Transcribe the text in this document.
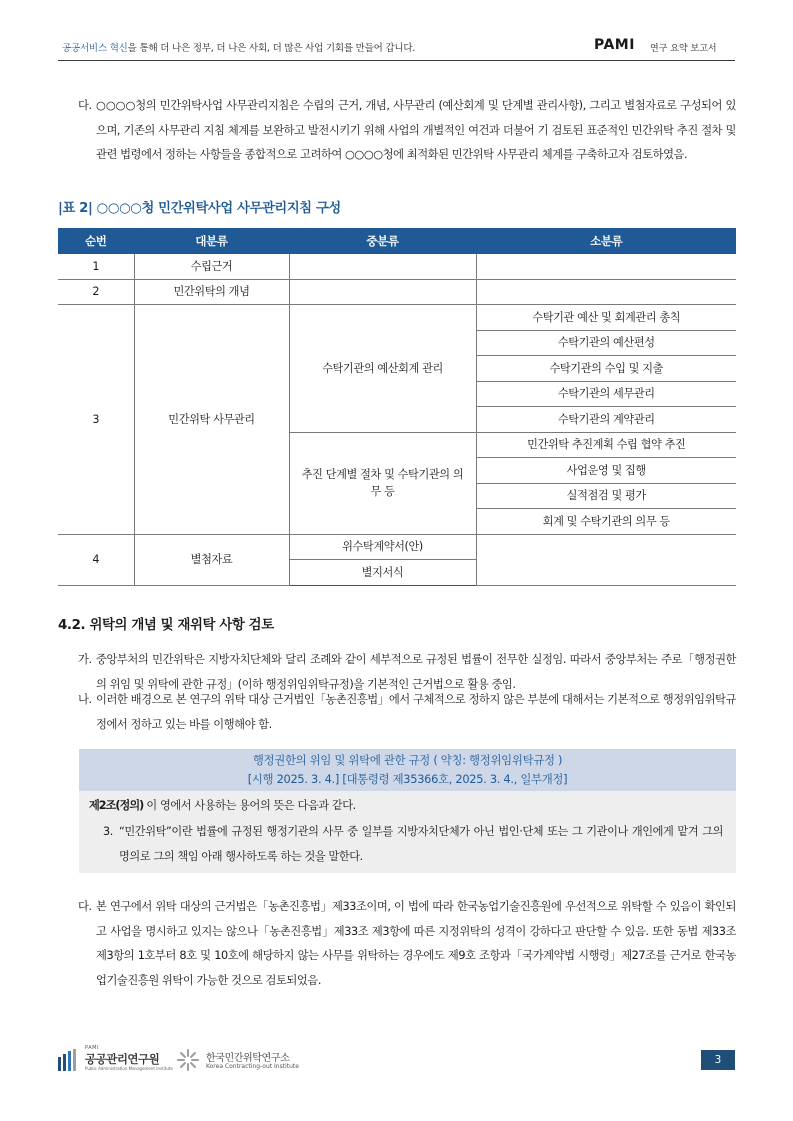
공공서비스 혁신을 통해 더 나은 정부, 더 나은 사회, 더 많은 사업 기회를 만들어 갑니다.	PAMI 연구 요약 보고서
다. ○○○○청의 민간위탁사업 사무관리지침은 수립의 근거, 개념, 사무관리 (예산회계 및 단계별 관리사항), 그리고 별첨자료로 구성되어 있으며, 기존의 사무관리 지침 체계를 보완하고 발전시키기 위해 사업의 개별적인 여건과 더불어 기 검토된 표준적인 민간위탁 추진 절차 및 관련 법령에서 정하는 사항들을 종합적으로 고려하여 ○○○○청에 최적화된 민간위탁 사무관리 체계를 구축하고자 검토하였음.
|표 2| ○○○○청 민간위탁사업 사무관리지침 구성
순번	대분류	중분류	소분류
1	수립근거		
2	민간위탁의 개념		
3	민간위탁 사무관리	수탁기관의 예산회계 관리	수탁기관 예산 및 회계관리 총칙
			수탁기관의 예산편성
			수탁기관의 수입 및 지출
			수탁기관의 세무관리
			수탁기관의 계약관리
		추진 단계별 절차 및 수탁기관의 의무 등	민간위탁 추진계획 수립 협약 추진
			사업운영 및 집행
			실적점검 및 평가
			회계 및 수탁기관의 의무 등
4	별첨자료	위수탁계약서(안)	
		별지서식	
4.2. 위탁의 개념 및 재위탁 사항 검토
가. 중앙부처의 민간위탁은 지방자치단체와 달리 조례와 같이 세부적으로 규정된 법률이 전무한 실정임. 따라서 중앙부처는 주로「행정권한의 위임 및 위탁에 관한 규정」(이하 행정위임위탁규정)을 기본적인 근거법으로 활용 중임.
나. 이러한 배경으로 본 연구의 위탁 대상 근거법인「농촌진흥법」에서 구체적으로 정하지 않은 부분에 대해서는 기본적으로 행정위임위탁규정에서 정하고 있는 바를 이행해야 함.
행정권한의 위임 및 위탁에 관한 규정 ( 약칭: 행정위임위탁규정 )
[시행 2025. 3. 4.] [대통령령 제35366호, 2025. 3. 4., 일부개정]
제2조(정의) 이 영에서 사용하는 용어의 뜻은 다음과 같다.
3. “민간위탁”이란 법률에 규정된 행정기관의 사무 중 일부를 지방자치단체가 아닌 법인·단체 또는 그 기관이나 개인에게 맡겨 그의 명의로 그의 책임 아래 행사하도록 하는 것을 말한다.
다. 본 연구에서 위탁 대상의 근거법은「농촌진흥법」제33조이며, 이 법에 따라 한국농업기술진흥원에 우선적으로 위탁할 수 있음이 확인되고 사업을 명시하고 있지는 않으나「농촌진흥법」제33조 제3항에 따른 지정위탁의 성격이 강하다고 판단할 수 있음. 또한 동법 제33조 제3항의 1호부터 8호 및 10호에 해당하지 않는 사무를 위탁하는 경우에도 제9호 조항과「국가계약법 시행령」제27조를 근거로 한국농업기술진흥원 위탁이 가능한 것으로 검토되었음.
PAMI
공공관리연구원
Public Administration Management Institute
한국민간위탁연구소
Korea Contracting-out Institute
3
